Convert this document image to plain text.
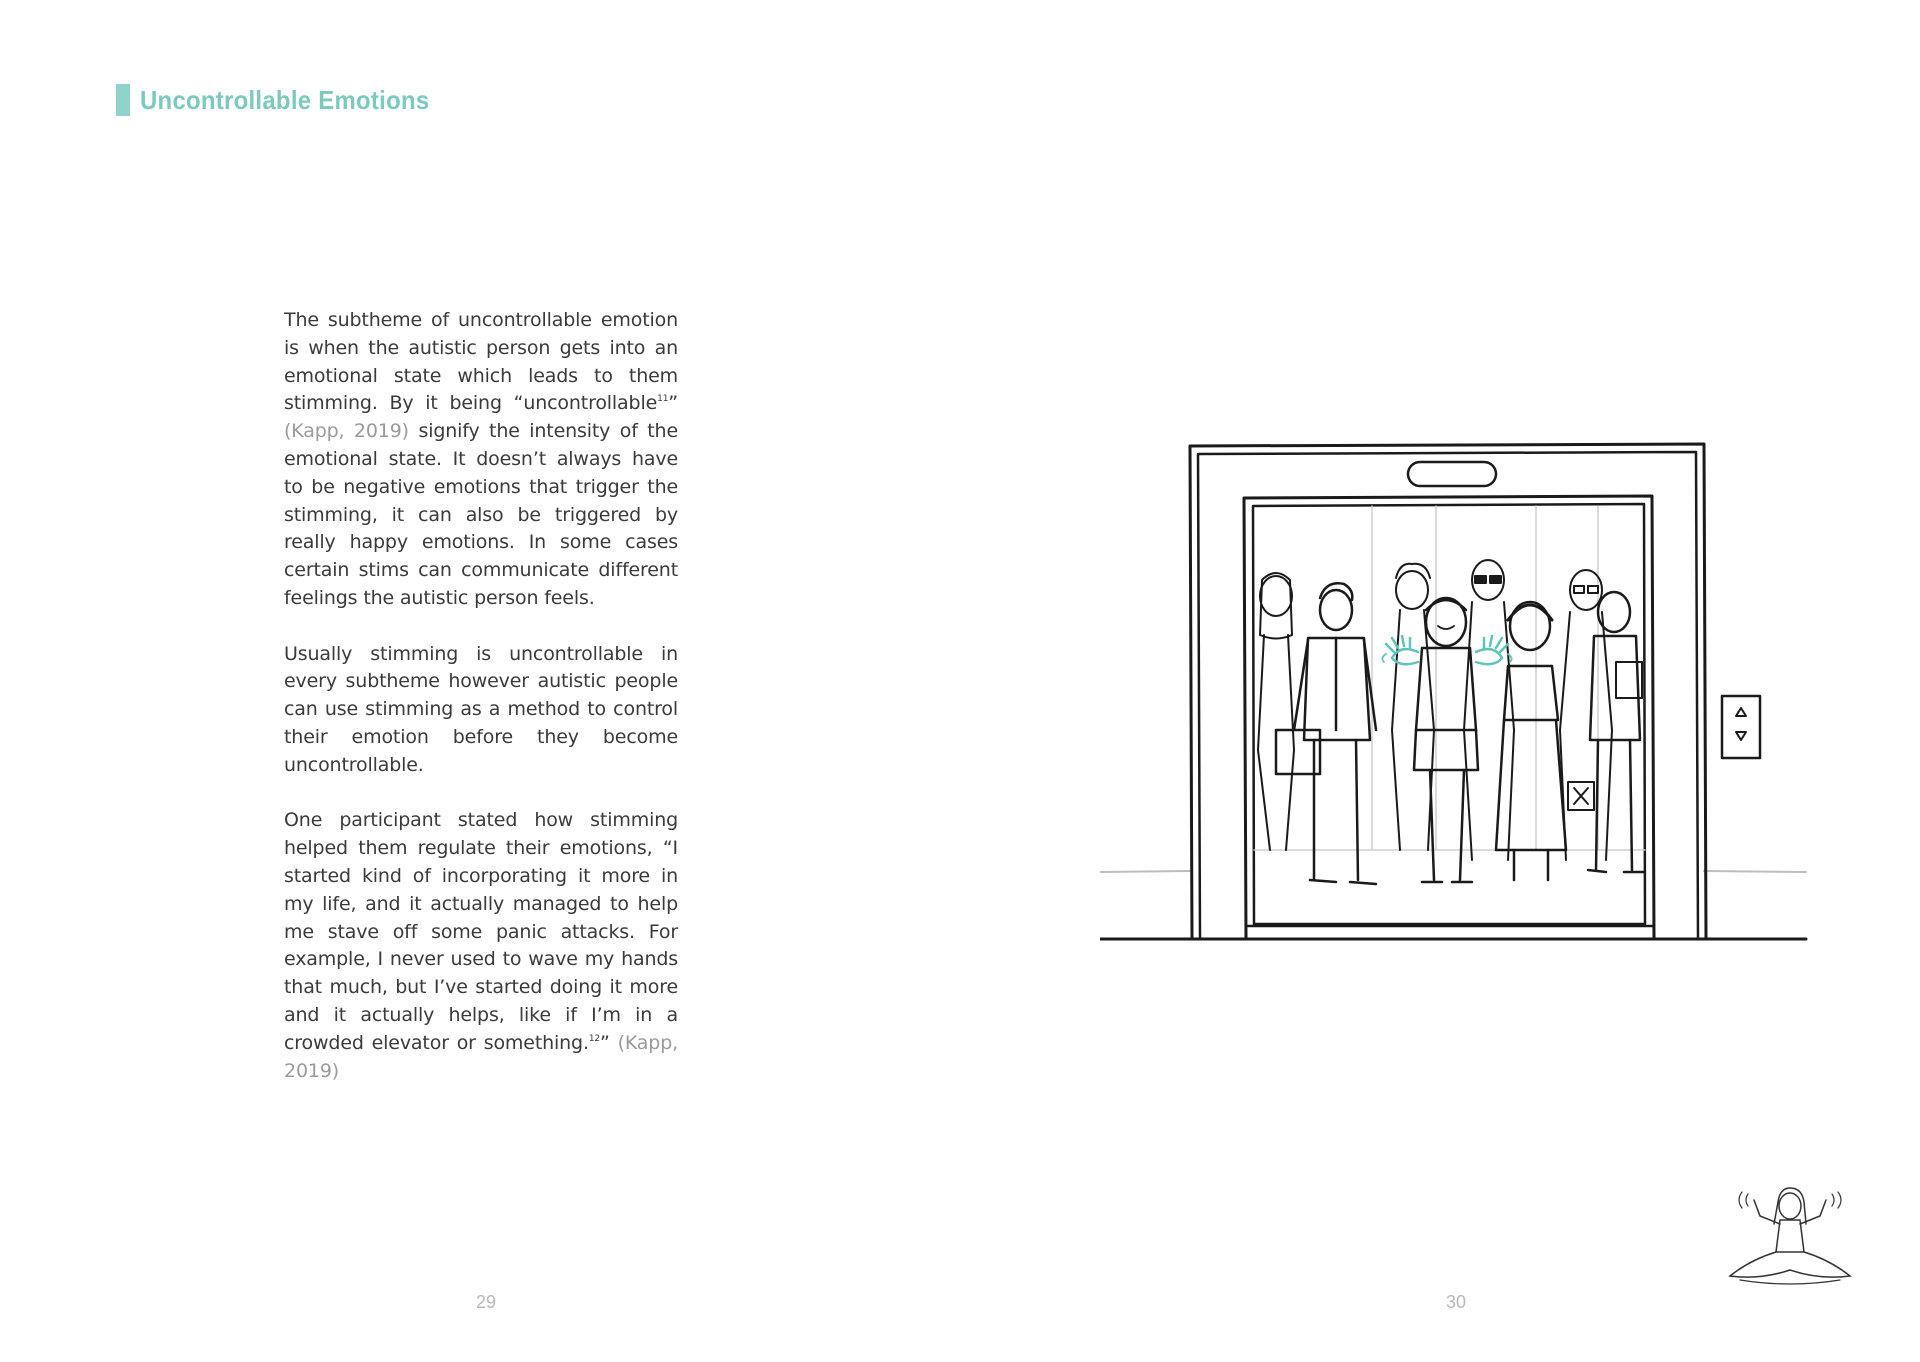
Uncontrollable Emotions

The subtheme of uncontrollable emotion is when the autistic person gets into an emotional state which leads to them stimming. By it being “uncontrollable$^{11}$” (Kapp, 2019) signify the intensity of the emotional state. It doesn’t always have to be negative emotions that trigger the stimming, it can also be triggered by really happy emotions. In some cases certain stims can communicate different feelings the autistic person feels.

Usually stimming is uncontrollable in every subtheme however autistic people can use stimming as a method to control their emotion before they become uncontrollable.

One participant stated how stimming helped them regulate their emotions, “I started kind of incorporating it more in my life, and it actually managed to help me stave off some panic attacks. For example, I never used to wave my hands that much, but I’ve started doing it more and it actually helps, like if I’m in a crowded elevator or something.$^{12}$” (Kapp, 2019)

29	30
